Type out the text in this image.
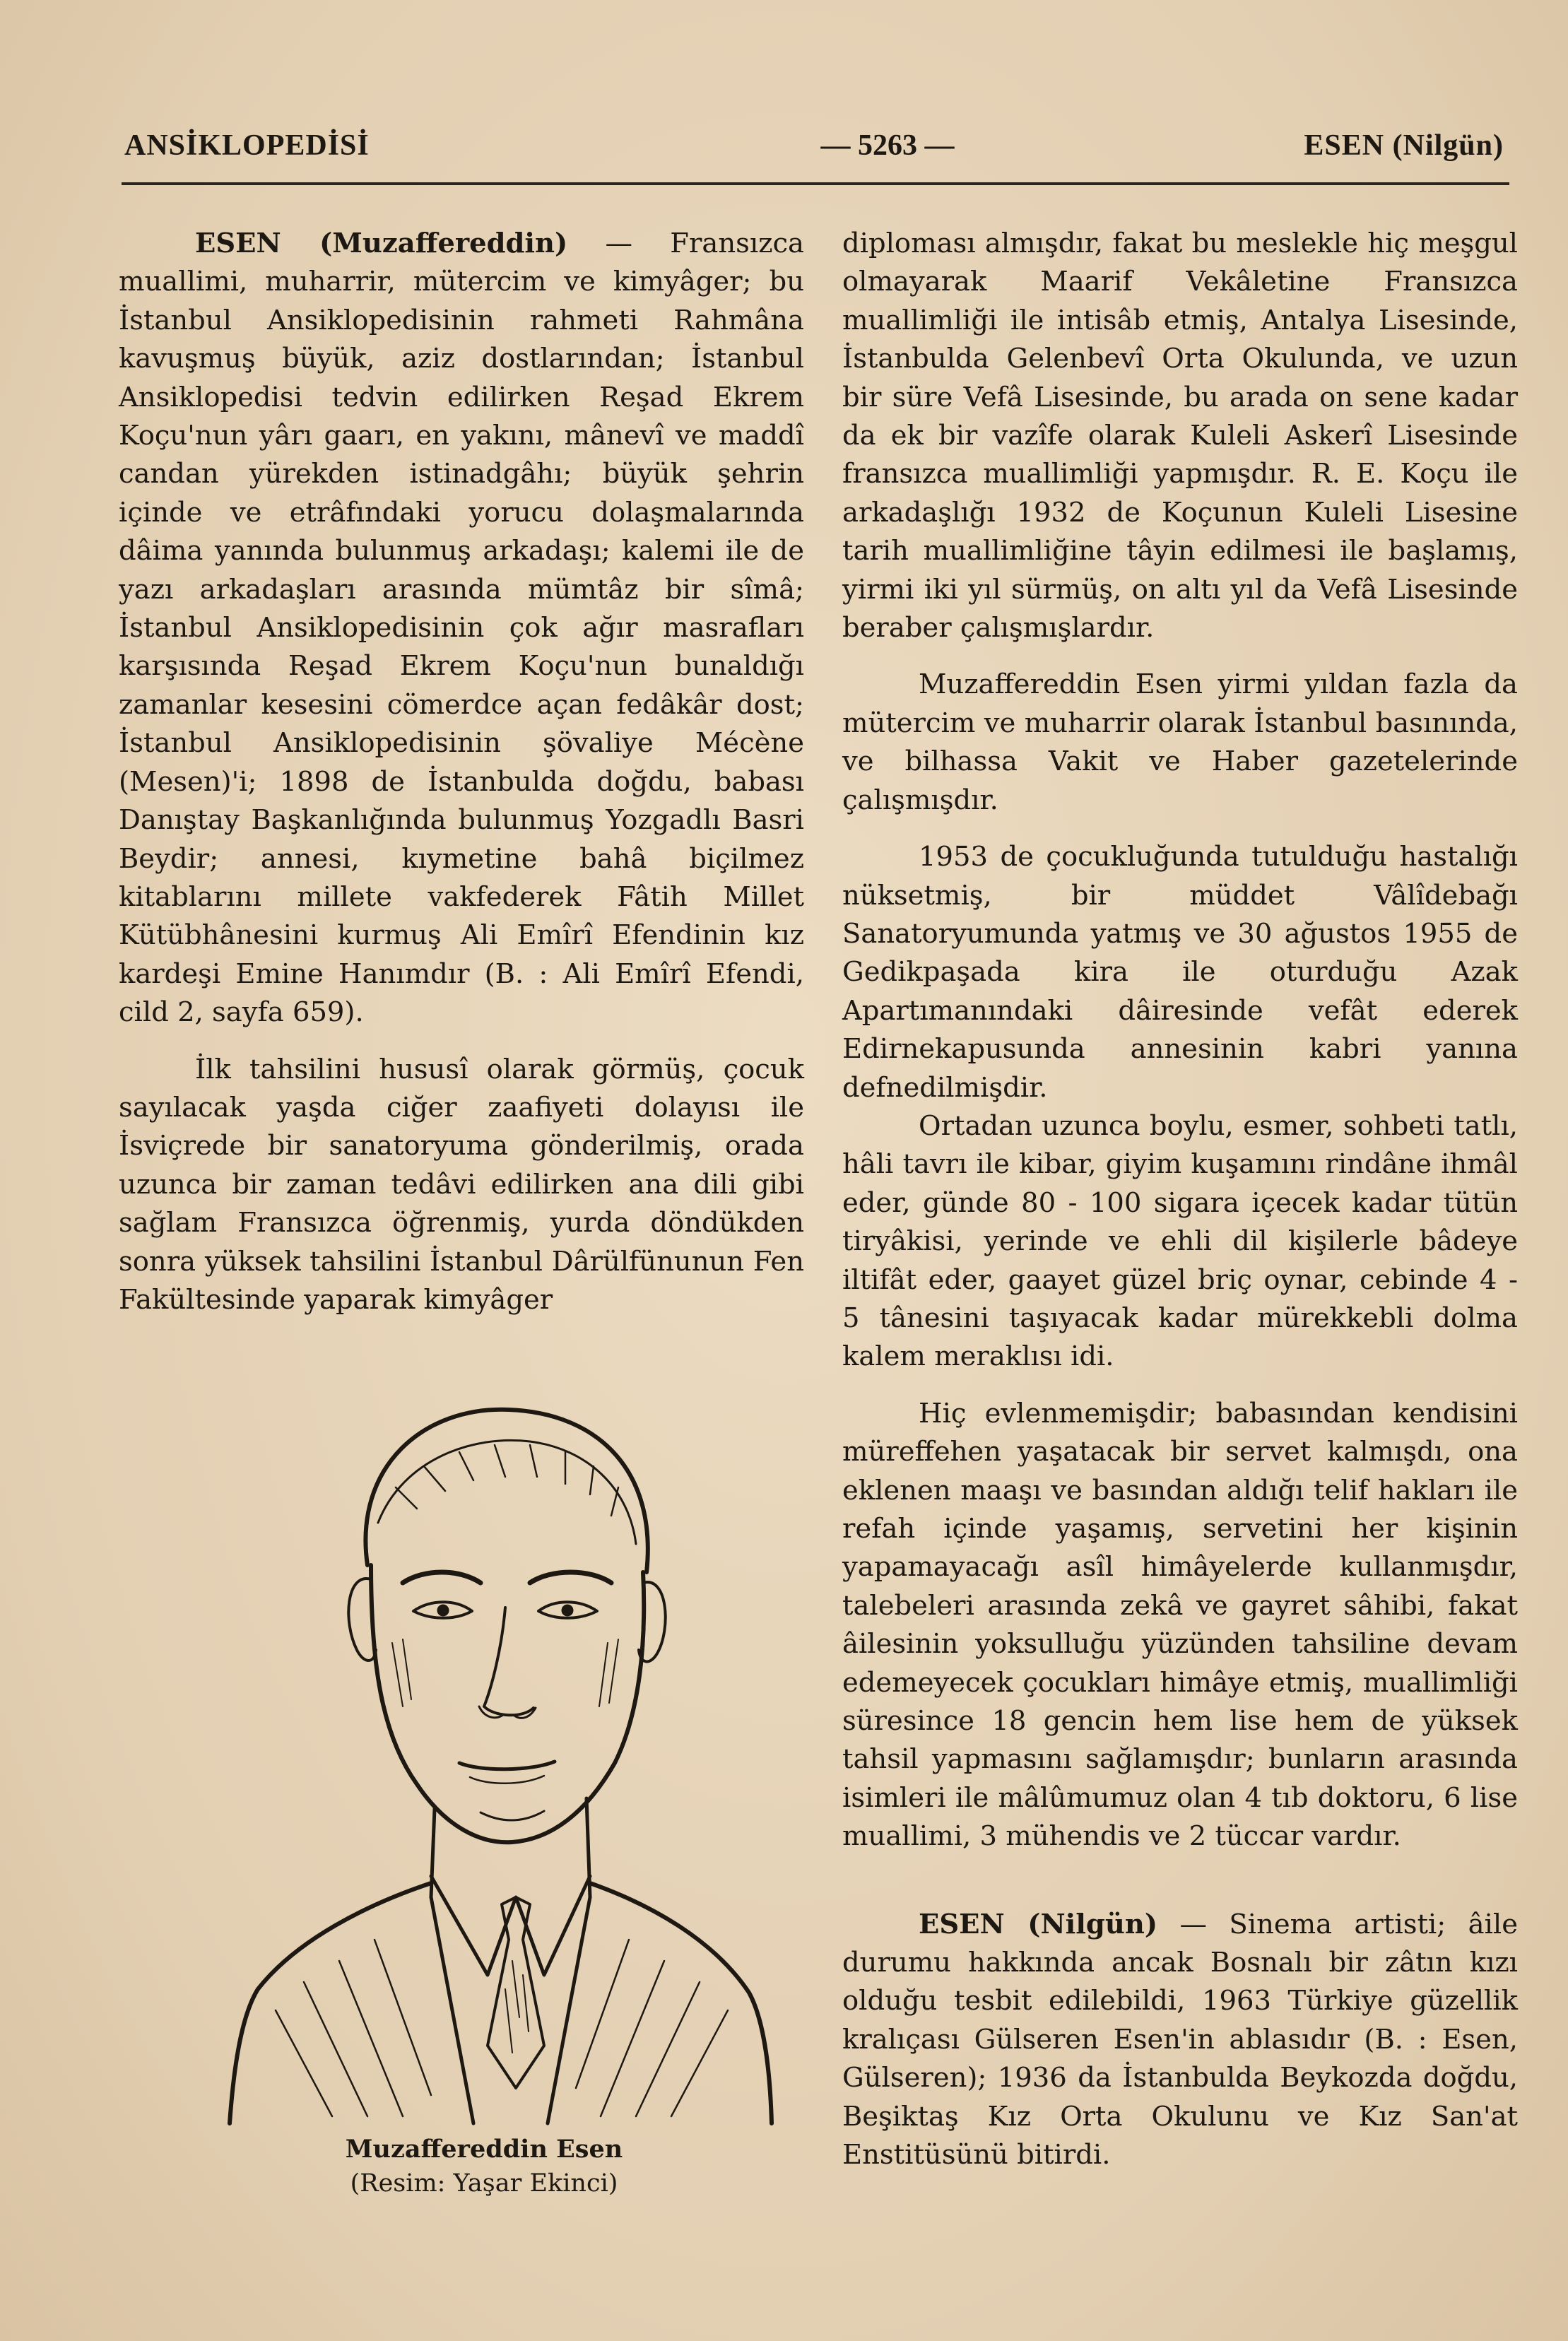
ANSİKLOPEDİSİ	— 5263 —	ESEN (Nilgün)

ESEN (Muzaffereddin) — Fransızca muallimi, muharrir, mütercim ve kimyâger; bu İstanbul Ansiklopedisinin rahmeti Rahmâna kavuşmuş büyük, aziz dostlarından; İstanbul Ansiklopedisi tedvin edilirken Reşad Ekrem Koçu'nun yârı gaarı, en yakını, mânevî ve maddî candan yürekden istinadgâhı; büyük şehrin içinde ve etrâfındaki yorucu dolaşmalarında dâima yanında bulunmuş arkadaşı; kalemi ile de yazı arkadaşları arasında mümtâz bir sîmâ; İstanbul Ansiklopedisinin çok ağır masrafları karşısında Reşad Ekrem Koçu'nun bunaldığı zamanlar kesesini cömerdce açan fedâkâr dost; İstanbul Ansiklopedisinin şövaliye Mécène (Mesen)'i; 1898 de İstanbulda doğdu, babası Danıştay Başkanlığında bulunmuş Yozgadlı Basri Beydir; annesi, kıymetine bahâ biçilmez kitablarını millete vakfederek Fâtih Millet Kütübhânesini kurmuş Ali Emîrî Efendinin kız kardeşi Emine Hanımdır (B. : Ali Emîrî Efendi, cild 2, sayfa 659).

İlk tahsilini hususî olarak görmüş, çocuk sayılacak yaşda ciğer zaafiyeti dolayısı ile İsviçrede bir sanatoryuma gönderilmiş, orada uzunca bir zaman tedâvi edilirken ana dili gibi sağlam Fransızca öğrenmiş, yurda döndükden sonra yüksek tahsilini İstanbul Dârülfünunun Fen Fakültesinde yaparak kimyâger

Muzaffereddin Esen
(Resim: Yaşar Ekinci)

diploması almışdır, fakat bu meslekle hiç meşgul olmayarak Maarif Vekâletine Fransızca muallimliği ile intisâb etmiş, Antalya Lisesinde, İstanbulda Gelenbevî Orta Okulunda, ve uzun bir süre Vefâ Lisesinde, bu arada on sene kadar da ek bir vazîfe olarak Kuleli Askerî Lisesinde fransızca muallimliği yapmışdır. R. E. Koçu ile arkadaşlığı 1932 de Koçunun Kuleli Lisesine tarih muallimliğine tâyin edilmesi ile başlamış, yirmi iki yıl sürmüş, on altı yıl da Vefâ Lisesinde beraber çalışmışlardır.

Muzaffereddin Esen yirmi yıldan fazla da mütercim ve muharrir olarak İstanbul basınında, ve bilhassa Vakit ve Haber gazetelerinde çalışmışdır.

1953 de çocukluğunda tutulduğu hastalığı nüksetmiş, bir müddet Vâlîdebağı Sanatoryumunda yatmış ve 30 ağustos 1955 de Gedikpaşada kira ile oturduğu Azak Apartımanındaki dâiresinde vefât ederek Edirnekapusunda annesinin kabri yanına defnedilmişdir.

Ortadan uzunca boylu, esmer, sohbeti tatlı, hâli tavrı ile kibar, giyim kuşamını rindâne ihmâl eder, günde 80 - 100 sigara içecek kadar tütün tiryâkisi, yerinde ve ehli dil kişilerle bâdeye iltifât eder, gaayet güzel briç oynar, cebinde 4 - 5 tânesini taşıyacak kadar mürekkebli dolma kalem meraklısı idi.

Hiç evlenmemişdir; babasından kendisini müreffehen yaşatacak bir servet kalmışdı, ona eklenen maaşı ve basından aldığı telif hakları ile refah içinde yaşamış, servetini her kişinin yapamayacağı asîl himâyelerde kullanmışdır, talebeleri arasında zekâ ve gayret sâhibi, fakat âilesinin yoksulluğu yüzünden tahsiline devam edemeyecek çocukları himâye etmiş, muallimliği süresince 18 gencin hem lise hem de yüksek tahsil yapmasını sağlamışdır; bunların arasında isimleri ile mâlûmumuz olan 4 tıb doktoru, 6 lise muallimi, 3 mühendis ve 2 tüccar vardır.

ESEN (Nilgün) — Sinema artisti; âile durumu hakkında ancak Bosnalı bir zâtın kızı olduğu tesbit edilebildi, 1963 Türkiye güzellik kralıçası Gülseren Esen'in ablasıdır (B. : Esen, Gülseren); 1936 da İstanbulda Beykozda doğdu, Beşiktaş Kız Orta Okulunu ve Kız San'at Enstitüsünü bitirdi.
